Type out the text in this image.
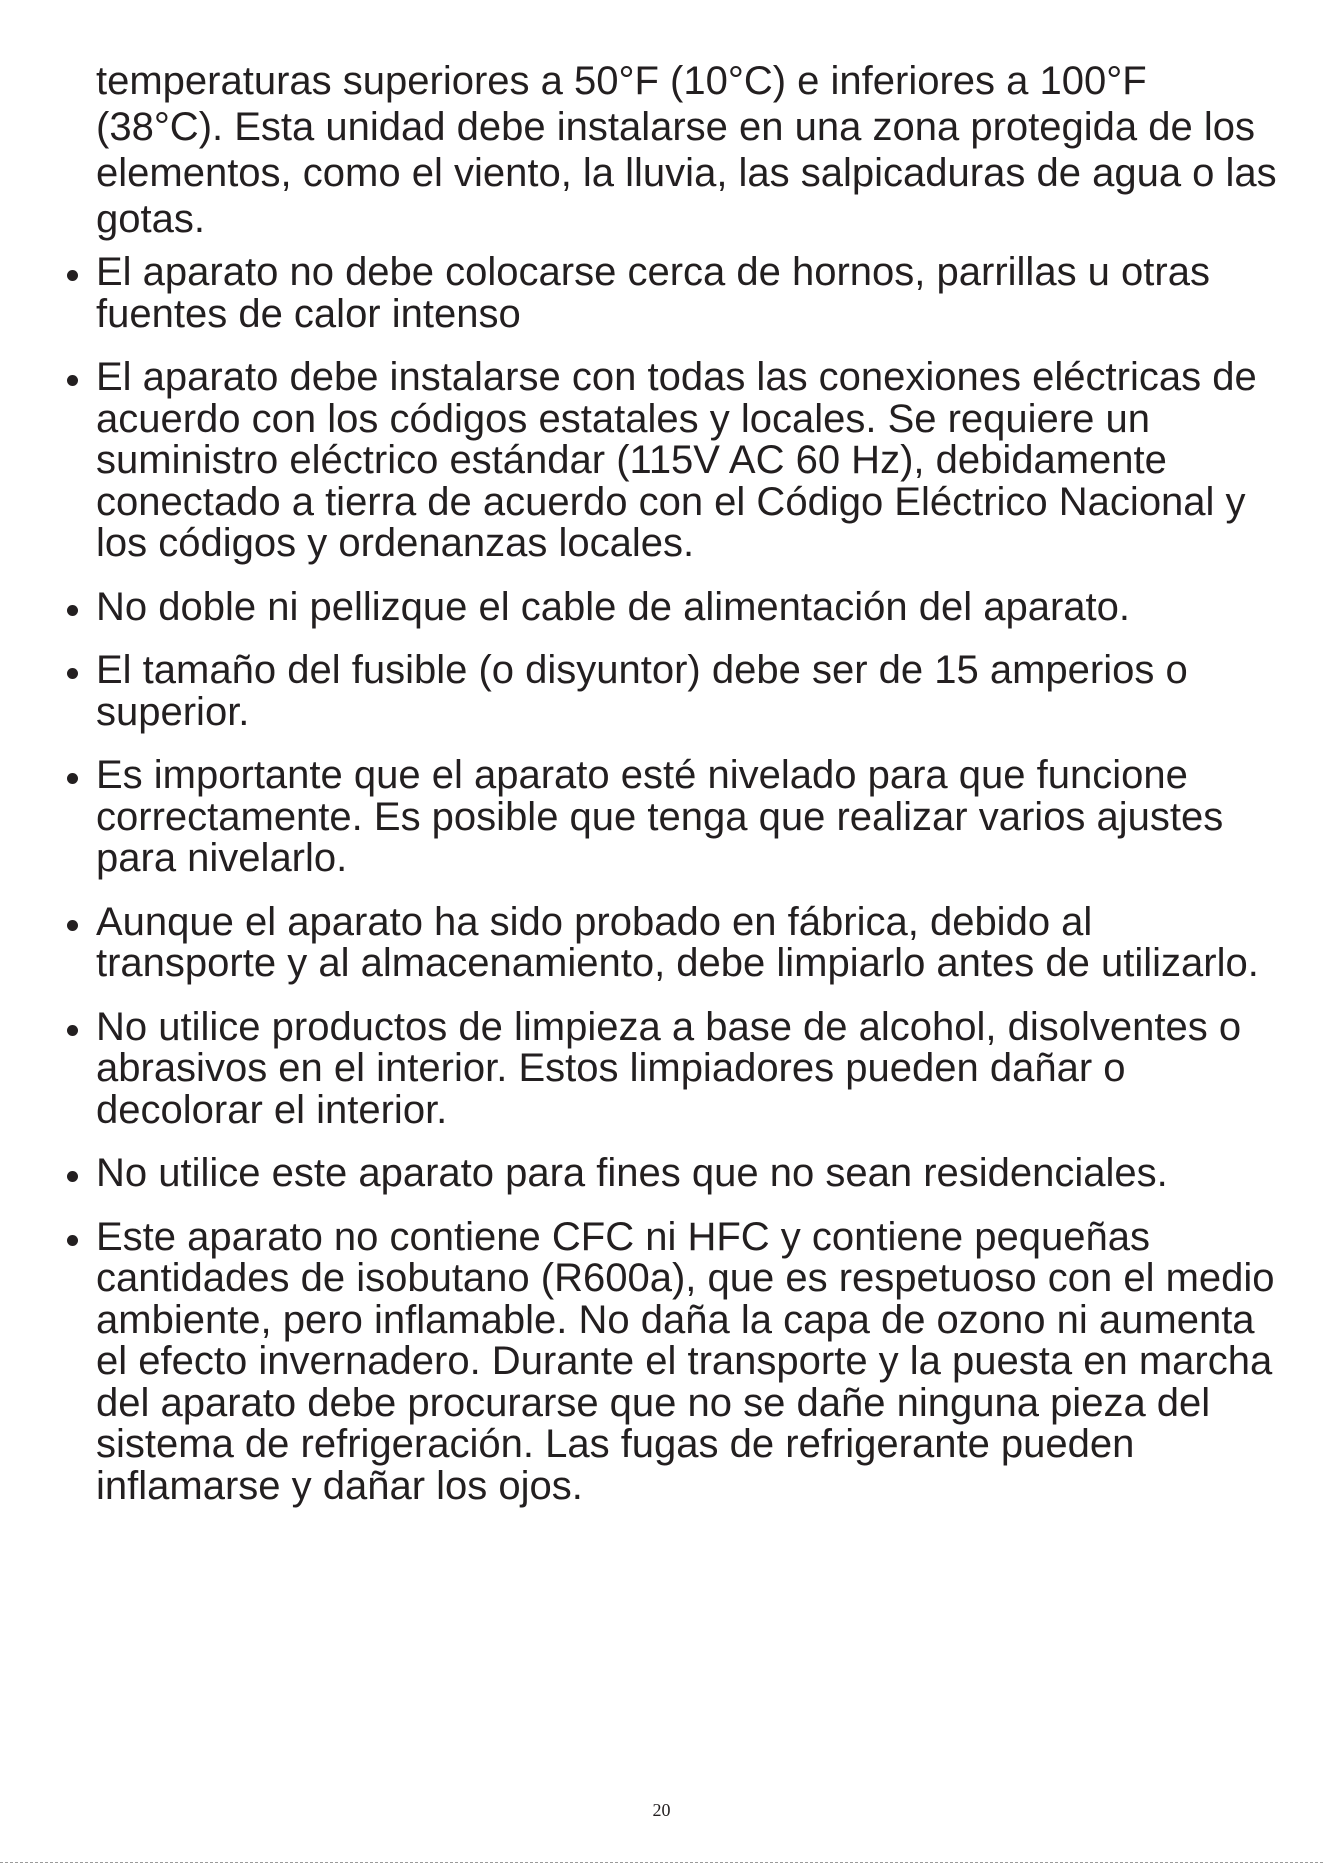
temperaturas superiores a 50°F (10°C) e inferiores a 100°F (38°C). Esta unidad debe instalarse en una zona protegida de los elementos, como el viento, la lluvia, las salpicaduras de agua o las gotas.

El aparato no debe colocarse cerca de hornos, parrillas u otras fuentes de calor intenso
El aparato debe instalarse con todas las conexiones eléctricas de acuerdo con los códigos estatales y locales. Se requiere un suministro eléctrico estándar (115V AC 60 Hz), debidamente conectado a tierra de acuerdo con el Código Eléctrico Nacional y los códigos y ordenanzas locales.
No doble ni pellizque el cable de alimentación del aparato.
El tamaño del fusible (o disyuntor) debe ser de 15 amperios o superior.
Es importante que el aparato esté nivelado para que funcione correctamente. Es posible que tenga que realizar varios ajustes para nivelarlo.
Aunque el aparato ha sido probado en fábrica, debido al transporte y al almacenamiento, debe limpiarlo antes de utilizarlo.
No utilice productos de limpieza a base de alcohol, disolventes o abrasivos en el interior. Estos limpiadores pueden dañar o decolorar el interior.
No utilice este aparato para fines que no sean residenciales.
Este aparato no contiene CFC ni HFC y contiene pequeñas cantidades de isobutano (R600a), que es respetuoso con el medio ambiente, pero inflamable. No daña la capa de ozono ni aumenta el efecto invernadero. Durante el transporte y la puesta en marcha del aparato debe procurarse que no se dañe ninguna pieza del sistema de refrigeración. Las fugas de refrigerante pueden inflamarse y dañar los ojos.
20
